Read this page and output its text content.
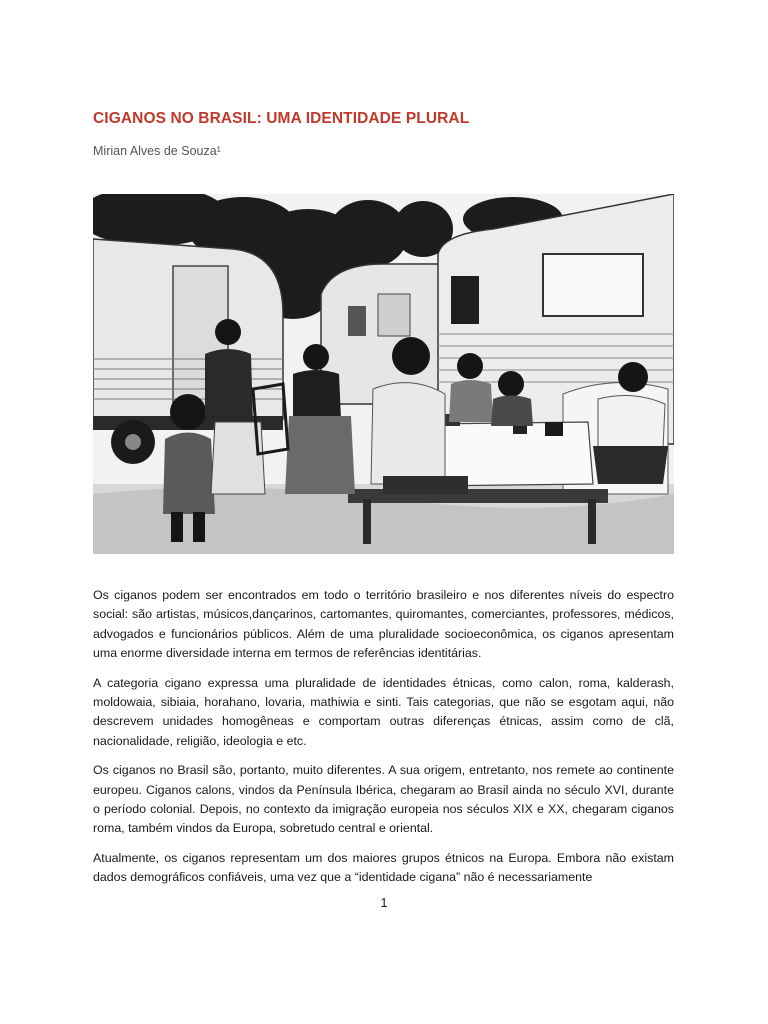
CIGANOS NO BRASIL: UMA IDENTIDADE PLURAL
Mirian Alves de Souza¹

Os ciganos podem ser encontrados em todo o território brasileiro e nos diferentes níveis do espectro social: são artistas, músicos,dançarinos, cartomantes, quiromantes, comerciantes, professores, médicos, advogados e funcionários públicos. Além de uma pluralidade socioeconômica, os ciganos apresentam uma enorme diversidade interna em termos de referências identitárias.

A categoria cigano expressa uma pluralidade de identidades étnicas, como calon, roma, kalderash, moldowaia, sibiaia, horahano, lovaria, mathiwia e sinti. Tais categorias, que não se esgotam aqui, não descrevem unidades homogêneas e comportam outras diferenças étnicas, assim como de clã, nacionalidade, religião, ideologia e etc.

Os ciganos no Brasil são, portanto, muito diferentes. A sua origem, entretanto, nos remete ao continente europeu. Ciganos calons, vindos da Península Ibérica, chegaram ao Brasil ainda no século XVI, durante o período colonial. Depois, no contexto da imigração europeia nos séculos XIX e XX, chegaram ciganos roma, também vindos da Europa, sobretudo central e oriental.

Atualmente, os ciganos representam um dos maiores grupos étnicos na Europa. Embora não existam dados demográficos confiáveis, uma vez que a “identidade cigana” não é necessariamente

1
